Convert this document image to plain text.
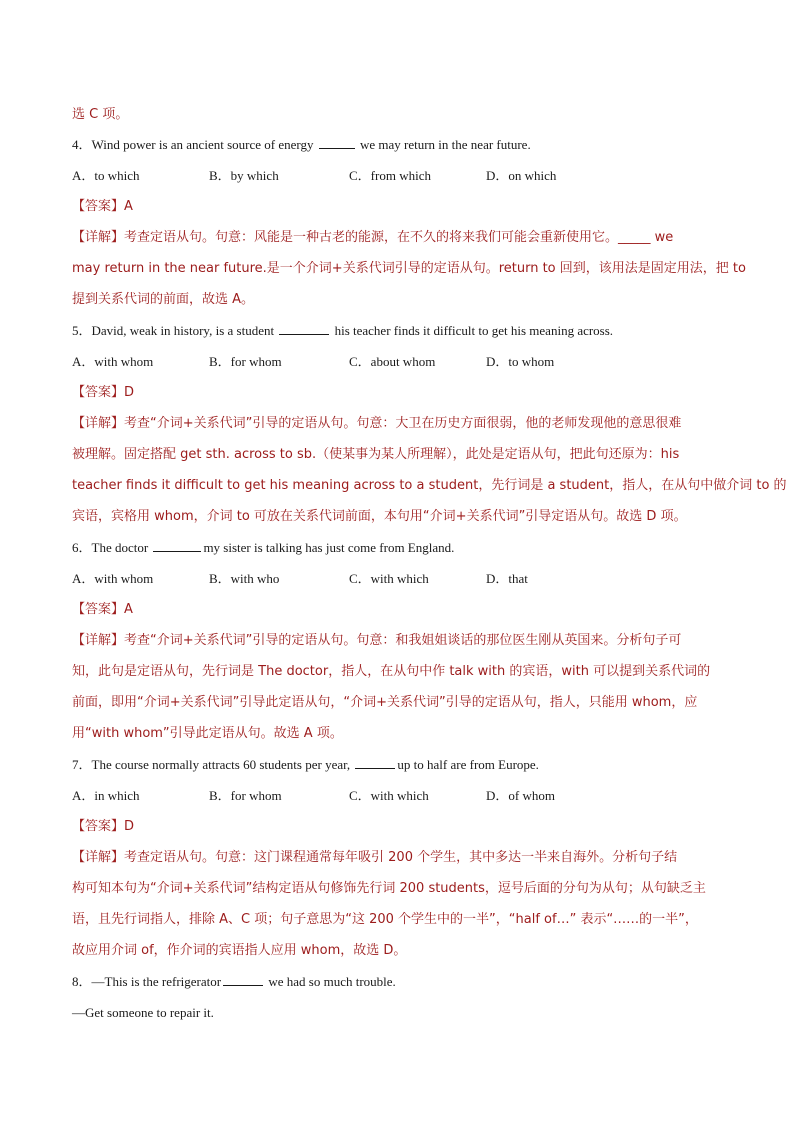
选 C 项。
4．Wind power is an ancient source of energy	we may return in the near future.
A．to which	B．by which	C．from which	D．on which
【答案】A
【详解】考查定语从句。句意：风能是一种古老的能源，在不久的将来我们可能会重新使用它。_____ we
may return in the near future.是一个介词+关系代词引导的定语从句。return to 回到，该用法是固定用法，把 to
提到关系代词的前面，故选 A。
5．David, weak in history, is a student	his teacher finds it difficult to get his meaning across.
A．with whom	B．for whom	C．about whom	D．to whom
【答案】D
【详解】考查“介词+关系代词”引导的定语从句。句意：大卫在历史方面很弱，他的老师发现他的意思很难
被理解。固定搭配 get sth. across to sb.（使某事为某人所理解），此处是定语从句，把此句还原为：his
teacher finds it difficult to get his meaning across to a student，先行词是 a student，指人，在从句中做介词 to 的
宾语，宾格用 whom，介词 to 可放在关系代词前面，本句用“介词+关系代词”引导定语从句。故选 D 项。
6．The doctor	my sister is talking has just come from England.
A．with whom	B．with who	C．with which	D．that
【答案】A
【详解】考查“介词+关系代词”引导的定语从句。句意：和我姐姐谈话的那位医生刚从英国来。分析句子可
知，此句是定语从句，先行词是 The doctor，指人，在从句中作 talk with 的宾语，with 可以提到关系代词的
前面，即用“介词+关系代词”引导此定语从句，“介词+关系代词”引导的定语从句，指人，只能用 whom，应
用“with whom”引导此定语从句。故选 A 项。
7．The course normally attracts 60 students per year,	up to half are from Europe.
A．in which	B．for whom	C．with which	D．of whom
【答案】D
【详解】考查定语从句。句意：这门课程通常每年吸引 200 个学生，其中多达一半来自海外。分析句子结
构可知本句为“介词+关系代词”结构定语从句修饰先行词 200 students，逗号后面的分句为从句；从句缺乏主
语，且先行词指人，排除 A、C 项；句子意思为“这 200 个学生中的一半”，“half of…” 表示“……的一半”，
故应用介词 of，作介词的宾语指人应用 whom，故选 D。
8．—This is the refrigerator	we had so much trouble.
—Get someone to repair it.
